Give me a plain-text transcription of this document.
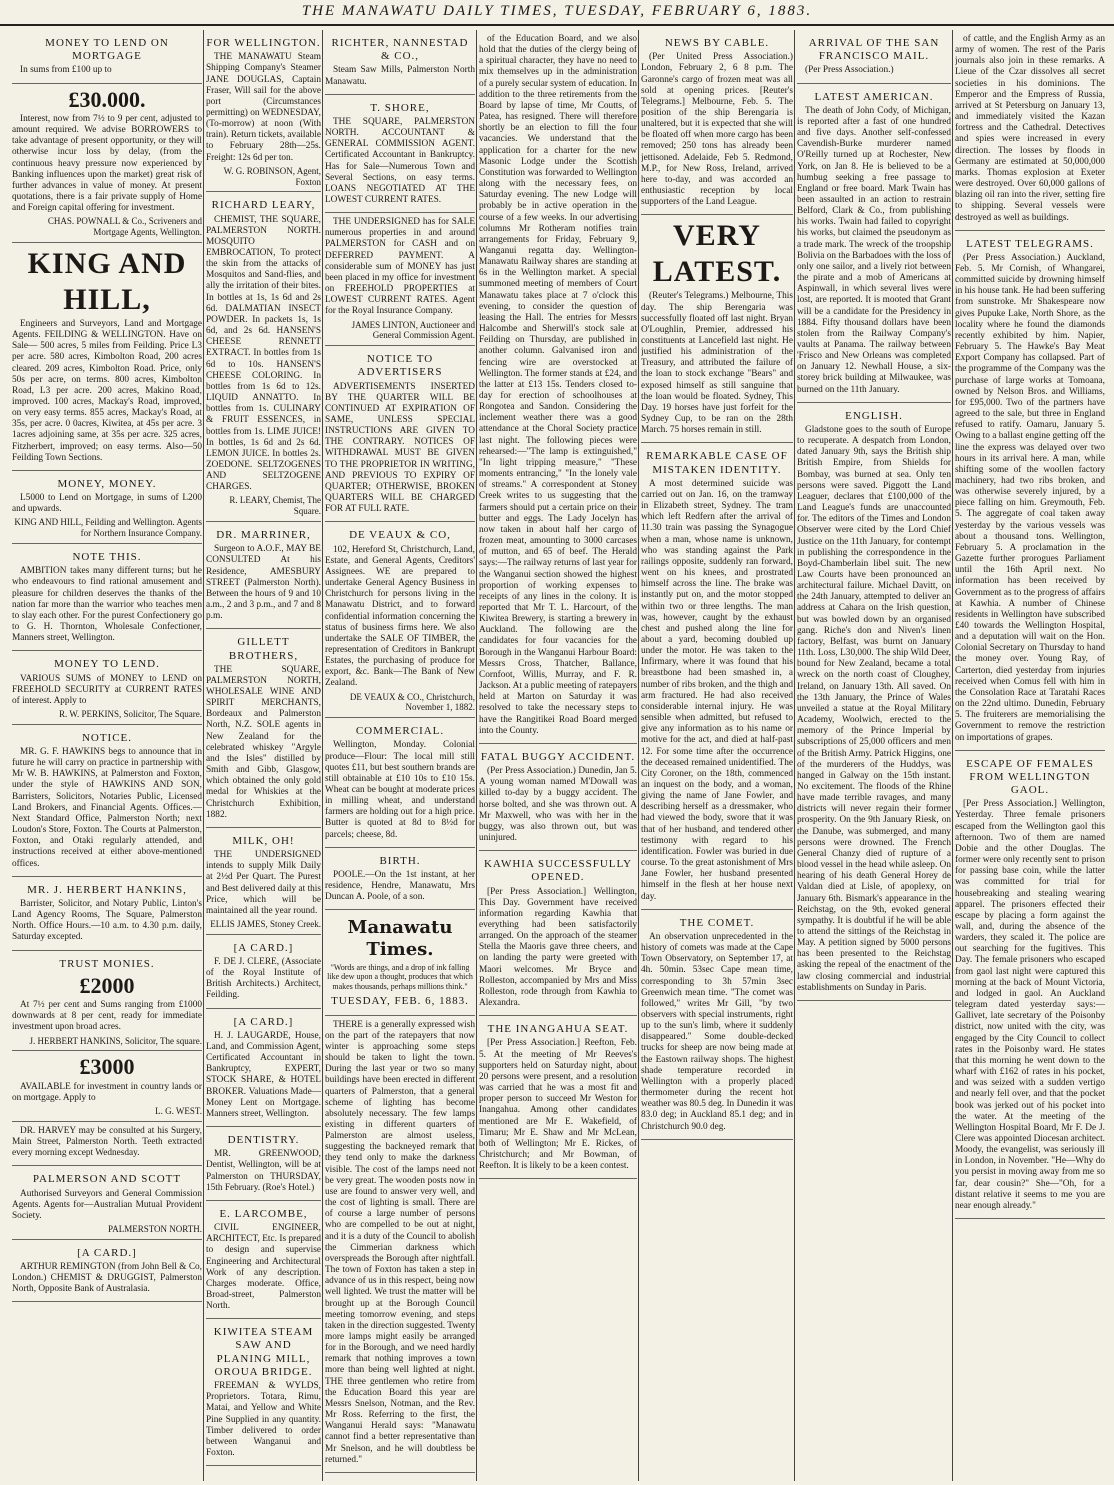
THE MANAWATU DAILY TIMES, TUESDAY, FEBRUARY 6, 1883.
MONEY TO LEND ON MORTGAGE

In sums from £100 up to

£30.000.

Interest, now from 7½ to 9 per cent, adjusted to amount required. We advise BORROWERS to take advantage of present opportunity, or they will otherwise incur loss by delay, (from the continuous heavy pressure now experienced by Banking influences upon the market) great risk of further advances in value of money. At present quotations, there is a fair private supply of Home and Foreign capital offering for investment.

CHAS. POWNALL & Co., Scriveners and Mortgage Agents, Wellington.
KING AND HILL,

Engineers and Surveyors, Land and Mortgage Agents. FEILDING & WELLINGTON. Have on Sale— 500 acres, 5 miles from Feilding. Price L3 per acre. 580 acres, Kimbolton Road, 200 acres cleared. 209 acres, Kimbolton Road. Price, only 50s per acre, on terms. 800 acres, Kimbolton Road, L3 per acre. 200 acres, Makino Road, improved. 100 acres, Mackay's Road, improved, on very easy terms. 855 acres, Mackay's Road, at 35s, per acre. 0 0acres, Kiwitea, at 45s per acre. 3 1acres adjoining same, at 35s per acre. 325 acres, Fitzherbert, improved; on easy terms. Also—50 Feilding Town Sections.

MONEY, MONEY.

L5000 to Lend on Mortgage, in sums of L200 and upwards.

KING AND HILL, Feilding and Wellington. Agents for Northern Insurance Company.
NOTE THIS.

AMBITION takes many different turns; but he who endeavours to find rational amusement and pleasure for children deserves the thanks of the nation far more than the warrior who teaches men to slay each other. For the purest Confectionery go to G. H. Thornton, Wholesale Confectioner, Manners street, Wellington.

MONEY TO LEND.

VARIOUS SUMS of MONEY to LEND on FREEHOLD SECURITY at CURRENT RATES of interest. Apply to

R. W. PERKINS, Solicitor, The Square.
NOTICE.

MR. G. F. HAWKINS begs to announce that in future he will carry on practice in partnership with Mr W. B. HAWKINS, at Palmerston and Foxton, under the style of HAWKINS AND SON, Barristers, Solicitors, Notaries Public, Licensed Land Brokers, and Financial Agents. Offices.—Next Standard Office, Palmerston North; next Loudon's Store, Foxton. The Courts at Palmerston, Foxton, and Otaki regularly attended, and instructions received at either above-mentioned offices.

MR. J. HERBERT HANKINS,

Barrister, Solicitor, and Notary Public, Linton's Land Agency Rooms, The Square, Palmerston North. Office Hours.—10 a.m. to 4.30 p.m. daily, Saturday excepted.

TRUST MONIES.
£2000

At 7½ per cent and Sums ranging from £1000 downwards at 8 per cent, ready for immediate investment upon broad acres.

J. HERBERT HANKINS, Solicitor, The square.
£3000

AVAILABLE for investment in country lands or on mortgage. Apply to

L. G. WEST.

DR. HARVEY may be consulted at his Surgery, Main Street, Palmerston North. Teeth extracted every morning except Wednesday.

PALMERSON AND SCOTT

Authorised Surveyors and General Commission Agents. Agents for—Australian Mutual Provident Society.

PALMERSTON NORTH.
[A CARD.]

ARTHUR REMINGTON (from John Bell & Co, London.) CHEMIST & DRUGGIST, Palmerston North, Opposite Bank of Australasia.

FOR WELLINGTON.

THE MANAWATU Steam Shipping Company's Steamer JANE DOUGLAS, Captain Fraser, Will sail for the above port (Circumstances permitting) on WEDNESDAY, (To-morrow) at noon (With train). Return tickets, available to February 28th—25s. Freight: 12s 6d per ton.

W. G. ROBINSON, Agent, Foxton
RICHARD LEARY,

CHEMIST, THE SQUARE, PALMERSTON NORTH. MOSQUITO EMBROCATION, To protect the skin from the attacks of Mosquitos and Sand-flies, and ally the irritation of their bites. In bottles at 1s, 1s 6d and 2s 6d. DALMATIAN INSECT POWDER. In packets 1s, 1s 6d, and 2s 6d. HANSEN'S CHEESE RENNETT EXTRACT. In bottles from 1s 6d to 10s. HANSEN'S CHEESE COLORING. In bottles from 1s 6d to 12s. LIQUID ANNATTO. In bottles from 1s. CULINARY & FRUIT ESSENCES, in bottles from 1s. LIME JUICE! In bottles, 1s 6d and 2s 6d. LEMON JUICE. In bottles 2s. ZOEDONE. SELTZOGENES AND SELTZOGENE CHARGES.

R. LEARY, Chemist, The Square.
DR. MARRINER,

Surgeon to A.O.F., MAY BE CONSULTED At his Residence, AMESBURY STREET (Palmerston North). Between the hours of 9 and 10 a.m., 2 and 3 p.m., and 7 and 8 p.m.

GILLETT BROTHERS,

THE SQUARE, PALMERSTON NORTH, WHOLESALE WINE AND SPIRIT MERCHANTS, Bordeaux and Palmerston North, N.Z. SOLE agents in New Zealand for the celebrated whiskey "Argyle and the Isles" distilled by Smith and Gibb, Glasgow, which obtained the only gold medal for Whiskies at the Christchurch Exhibition, 1882.

MILK, OH!

THE UNDERSIGNED intends to supply Milk Daily at 2½d Per Quart. The Purest and Best delivered daily at this Price, which will be maintained all the year round.

ELLIS JAMES, Stoney Creek.
[A CARD.]

F. DE J. CLERE, (Associate of the Royal Institute of British Architects.) Architect, Feilding.

[A CARD.]

H. J. LAUGARDE, House, Land, and Commission Agent, Certificated Accountant in Bankruptcy, EXPERT, STOCK SHARE, & HOTEL BROKER. Valuations Made—Money Lent on Mortgage. Manners street, Wellington.

DENTISTRY.

MR. GREENWOOD, Dentist, Wellington, will be at Palmerston on THURSDAY, 15th February. (Roe's Hotel.)

E. LARCOMBE,

CIVIL ENGINEER, ARCHITECT, Etc. Is prepared to design and supervise Engineering and Architectural Work of any description. Charges moderate. Office, Broad-street, Palmerston North.

KIWITEA STEAM SAW AND PLANING MILL, OROUA BRIDGE.

FREEMAN & WYLDS, Proprietors. Totara, Rimu, Matai, and Yellow and White Pine Supplied in any quantity. Timber delivered to order between Wanganui and Foxton.

RICHTER, NANNESTAD & CO.,

Steam Saw Mills, Palmerston North Manawatu.

T. SHORE,

THE SQUARE, PALMERSTON NORTH. ACCOUNTANT & GENERAL COMMISSION AGENT. Certificated Accountant in Bankruptcy. Has for Sale—Numerous Town and Several Sections, on easy terms. LOANS NEGOTIATED AT THE LOWEST CURRENT RATES.

THE UNDERSIGNED has for SALE numerous properties in and around PALMERSTON for CASH and on DEFERRED PAYMENT. A considerable sum of MONEY has just been placed in my office for investment on FREEHOLD PROPERTIES at LOWEST CURRENT RATES. Agent for the Royal Insurance Company.

JAMES LINTON, Auctioneer and General Commission Agent.
NOTICE TO ADVERTISERS

ADVERTISEMENTS INSERTED BY THE QUARTER WILL BE CONTINUED AT EXPIRATION OF SAME, UNLESS SPECIAL INSTRUCTIONS ARE GIVEN TO THE CONTRARY. NOTICES OF WITHDRAWAL MUST BE GIVEN TO THE PROPRIETOR IN WRITING, AND PREVIOUS TO EXPIRY OF QUARTER; OTHERWISE, BROKEN QUARTERS WILL BE CHARGED FOR AT FULL RATE.

DE VEAUX & CO,

102, Hereford St, Christchurch, Land, Estate, and General Agents, Creditors' Assignees. WE are prepared to undertake General Agency Business in Christchurch for persons living in the Manawatu District, and to forward confidential information concerning the status of business firms here. We also undertake the SALE OF TIMBER, the representation of Creditors in Bankrupt Estates, the purchasing of produce for export, &c. Bank—The Bank of New Zealand.

DE VEAUX & CO., Christchurch, November 1, 1882.
COMMERCIAL.

Wellington, Monday. Colonial produce—Flour: The local mill still quotes £11, but best southern brands are still obtainable at £10 10s to £10 15s. Wheat can be bought at moderate prices in milling wheat, and understand farmers are holding out for a high price. Butter is quoted at 8d to 8½d for parcels; cheese, 8d.

BIRTH.

POOLE.—On the 1st instant, at her residence, Hendre, Manawatu, Mrs Duncan A. Poole, of a son.

Manawatu Times.
"Words are things, and a drop of ink falling like dew upon a thought, produces that which makes thousands, perhaps millions think."
TUESDAY, FEB. 6, 1883.

THERE is a generally expressed wish on the part of the ratepayers that now winter is approaching some steps should be taken to light the town. During the last year or two so many buildings have been erected in different quarters of Palmerston, that a general scheme of lighting has become absolutely necessary. The few lamps existing in different quarters of Palmerston are almost useless, suggesting the backneyed remark that they tend only to make the darkness visible. The cost of the lamps need not be very great. The wooden posts now in use are found to answer very well, and the cost of lighting is small. There are of course a large number of persons who are compelled to be out at night, and it is a duty of the Council to abolish the Cimmerian darkness which overspreads the Borough after nightfall. The town of Foxton has taken a step in advance of us in this respect, being now well lighted. We trust the matter will be brought up at the Borough Council meeting tomorrow evening, and steps taken in the direction suggested. Twenty more lamps might easily be arranged for in the Borough, and we need hardly remark that nothing improves a town more than being well lighted at night. THE three gentlemen who retire from the Education Board this year are Messrs Snelson, Notman, and the Rev. Mr Ross. Referring to the first, the Wanganui Herald says: "Manawatu cannot find a better representative than Mr Snelson, and he will doubtless be returned."

of the Education Board, and we also hold that the duties of the clergy being of a spiritual character, they have no need to mix themselves up in the administration of a purely secular system of education. In addition to the three retirements from the Board by lapse of time, Mr Coutts, of Patea, has resigned. There will therefore shortly be an election to fill the four vacancies. We understand that the application for a charter for the new Masonic Lodge under the Scottish Constitution was forwarded to Wellington along with the necessary fees, on Saturday evening. The new Lodge will probably be in active operation in the course of a few weeks. In our advertising columns Mr Rotheram notifies train arrangements for Friday, February 9, Wanganui regatta day. Wellington-Manawatu Railway shares are standing at 6s in the Wellington market. A special summoned meeting of members of Court Manawatu takes place at 7 o'clock this evening, to consider the question of leasing the Hall. The entries for Messrs Halcombe and Sherwill's stock sale at Feilding on Thursday, are published in another column. Galvanised iron and fencing wire are overstocked at Wellington. The former stands at £24, and the latter at £13 15s. Tenders closed to-day for erection of schoolhouses at Rongotea and Sandon. Considering the inclement weather there was a good attendance at the Choral Society practice last night. The following pieces were rehearsed:—"The lamp is extinguished," "In light tripping measure," "These moments entrancing," "In the lonely vale of streams." A correspondent at Stoney Creek writes to us suggesting that the farmers should put a certain price on their butter and eggs. The Lady Jocelyn has now taken in about half her cargo of frozen meat, amounting to 3000 carcases of mutton, and 65 of beef. The Herald says:—The railway returns of last year for the Wanganui section showed the highest proportion of working expenses to receipts of any lines in the colony. It is reported that Mr T. L. Harcourt, of the Kiwitea Brewery, is starting a brewery in Auckland. The following are the candidates for four vacancies for the Borough in the Wanganui Harbour Board: Messrs Cross, Thatcher, Ballance, Cornfoot, Willis, Murray, and F. R. Jackson. At a public meeting of ratepayers held at Marton on Saturday it was resolved to take the necessary steps to have the Rangitikei Road Board merged into the County.

FATAL BUGGY ACCIDENT.

(Per Press Association.) Dunedin, Jan 5. A young woman named M'Dowall was killed to-day by a buggy accident. The horse bolted, and she was thrown out. A Mr Maxwell, who was with her in the buggy, was also thrown out, but was uninjured.

KAWHIA SUCCESSFULLY OPENED.

[Per Press Association.] Wellington, This Day. Government have received information regarding Kawhia that everything had been satisfactorily arranged. On the approach of the steamer Stella the Maoris gave three cheers, and on landing the party were greeted with Maori welcomes. Mr Bryce and Rolleston, accompanied by Mrs and Miss Rolleston, rode through from Kawhia to Alexandra.

THE INANGAHUA SEAT.

[Per Press Association.] Reefton, Feb. 5. At the meeting of Mr Reeves's supporters held on Saturday night, about 20 persons were present, and a resolution was carried that he was a most fit and proper person to succeed Mr Weston for Inangahua. Among other candidates mentioned are Mr E. Wakefield, of Timaru; Mr E. Shaw and Mr McLean, both of Wellington; Mr E. Rickes, of Christchurch; and Mr Bowman, of Reefton. It is likely to be a keen contest.

NEWS BY CABLE.

(Per United Press Association.) London, February 2, 6 8 p.m. The Garonne's cargo of frozen meat was all sold at opening prices. [Reuter's Telegrams.] Melbourne, Feb. 5. The position of the ship Berengaria is unaltered, but it is expected that she will be floated off when more cargo has been removed; 250 tons has already been jettisoned. Adelaide, Feb 5. Redmond, M.P., for New Ross, Ireland, arrived here to-day, and was accorded an enthusiastic reception by local supporters of the Land League.

VERY LATEST.

(Reuter's Telegrams.) Melbourne, This day. The ship Berengaria was successfully floated off last night. Bryan O'Loughlin, Premier, addressed his constituents at Lancefield last night. He justified his administration of the Treasury, and attributed the failure of the loan to stock exchange "Bears" and exposed himself as still sanguine that the loan would be floated. Sydney, This Day. 19 horses have just forfeit for the Sydney Cup, to be ran on the 28th March. 75 horses remain in still.

REMARKABLE CASE OF MISTAKEN IDENTITY.

A most determined suicide was carried out on Jan. 16, on the tramway in Elizabeth street, Sydney. The tram which left Redfern after the arrival of 11.30 train was passing the Synagogue when a man, whose name is unknown, who was standing against the Park railings opposite, suddenly ran forward, went on his knees, and prostrated himself across the line. The brake was instantly put on, and the motor stopped within two or three lengths. The man was, however, caught by the exhaust chest and pushed along the line for about a yard, becoming doubled up under the motor. He was taken to the Infirmary, where it was found that his breastbone had been smashed in, a number of ribs broken, and the thigh and arm fractured. He had also received considerable internal injury. He was sensible when admitted, but refused to give any information as to his name or motive for the act, and died at half-past 12. For some time after the occurrence the deceased remained unidentified. The City Coroner, on the 18th, commenced an inquest on the body, and a woman, giving the name of Jane Fowler, and describing herself as a dressmaker, who had viewed the body, swore that it was that of her husband, and tendered other testimony with regard to his identification. Fowler was buried in due course. To the great astonishment of Mrs Jane Fowler, her husband presented himself in the flesh at her house next day.

THE COMET.

An observation unprecedented in the history of comets was made at the Cape Town Observatory, on September 17, at 4h. 50min. 53sec Cape mean time, corresponding to 3h 57min 3sec Greenwich mean time. "The comet was followed," writes Mr Gill, "by two observers with special instruments, right up to the sun's limb, where it suddenly disappeared." Some double-decked trucks for sheep are now being made at the Eastown railway shops. The highest shade temperature recorded in Wellington with a properly placed thermometer during the recent hot weather was 80.5 deg. In Dunedin it was 83.0 deg; in Auckland 85.1 deg; and in Christchurch 90.0 deg.

ARRIVAL OF THE SAN FRANCISCO MAIL.

(Per Press Association.)

LATEST AMERICAN.

The death of John Cody, of Michigan, is reported after a fast of one hundred and five days. Another self-confessed Cavendish-Burke murderer named O'Reilly turned up at Rochester, New York, on Jan 8. He is believed to be a humbug seeking a free passage to England or free board. Mark Twain has been assaulted in an action to restrain Belford, Clark & Co., from publishing his works. Twain had failed to copyright his works, but claimed the pseudonym as a trade mark. The wreck of the troopship Bolivia on the Barbadoes with the loss of only one sailor, and a lively riot between the pirate and a mob of Americans at Aspinwall, in which several lives were lost, are reported. It is mooted that Grant will be a candidate for the Presidency in 1884. Fifty thousand dollars have been stolen from the Railway Company's vaults at Panama. The railway between 'Frisco and New Orleans was completed on January 12. Newhall House, a six-storey brick building at Milwaukee, was burned on the 11th January.

ENGLISH.

Gladstone goes to the south of Europe to recuperate. A despatch from London, dated January 9th, says the British ship British Empire, from Shields for Bombay, was burned at sea. Only ten persons were saved. Piggott the Land Leaguer, declares that £100,000 of the Land League's funds are unaccounted for. The editors of the Times and London Observer were cited by the Lord Chief Justice on the 11th January, for contempt in publishing the correspondence in the Boyd-Chamberlain libel suit. The new Law Courts have been pronounced an architectural failure. Michael Davitt, on the 24th January, attempted to deliver an address at Cahara on the Irish question, but was bowled down by an organised gang. Riche's don and Niven's linen factory, Belfast, was burnt on January 11th. Loss, L30,000. The ship Wild Deer, bound for New Zealand, became a total wreck on the north coast of Cloughey, Ireland, on January 13th. All saved. On the 13th January, the Prince of Wales unveiled a statue at the Royal Military Academy, Woolwich, erected to the memory of the Prince Imperial by subscriptions of 25,000 officers and men of the British Army. Patrick Higgins, one of the murderers of the Huddys, was hanged in Galway on the 15th instant. No excitement. The floods of the Rhine have made terrible ravages, and many districts will never regain their former prosperity. On the 9th January Riesk, on the Danube, was submerged, and many persons were drowned. The French General Chanzy died of rupture of a blood vessel in the head while asleep. On hearing of his death General Horey de Valdan died at Lisle, of apoplexy, on January 6th. Bismark's appearance in the Reichstag, on the 9th, evoked general sympathy. It is doubtful if he will be able to attend the sittings of the Reichstag in May. A petition signed by 5000 persons has been presented to the Reichstag asking the repeal of the enactment of the law closing commercial and industrial establishments on Sunday in Paris.

of cattle, and the English Army as an army of women. The rest of the Paris journals also join in these remarks. A Lieue of the Czar dissolves all secret societies in his dominions. The Emperor and the Empress of Russia, arrived at St Petersburg on January 13, and immediately visited the Kazan fortress and the Cathedral. Detectives and spies were increased in every direction. The losses by floods in Germany are estimated at 50,000,000 marks. Thomas explosion at Exeter were destroyed. Over 60,000 gallons of blazing oil ran into the river, setting fire to shipping. Several vessels were destroyed as well as buildings.

LATEST TELEGRAMS.

(Per Press Association.) Auckland, Feb. 5. Mr Cornish, of Whangarei, committed suicide by drowning himself in his house tank. He had been suffering from sunstroke. Mr Shakespeare now gives Pupuke Lake, North Shore, as the locality where he found the diamonds recently exhibited by him. Napier, February 5. The Hawke's Bay Meat Export Company has collapsed. Part of the programme of the Company was the purchase of large works at Tomoana, owned by Nelson Bros. and Williams, for £95,000. Two of the partners have agreed to the sale, but three in England refused to ratify. Oamaru, January 5. Owing to a ballast engine getting off the line the express was delayed over two hours in its arrival here. A man, while shifting some of the woollen factory machinery, had two ribs broken, and was otherwise severely injured, by a piece falling on him. Greymouth, Feb. 5. The aggregate of coal taken away yesterday by the various vessels was about a thousand tons. Wellington, February 5. A proclamation in the Gazette further prorogues Parliament until the 16th April next. No information has been received by Government as to the progress of affairs at Kawhia. A number of Chinese residents in Wellington have subscribed £40 towards the Wellington Hospital, and a deputation will wait on the Hon. Colonial Secretary on Thursday to hand the money over. Young Ray, of Carterton, died yesterday from injuries received when Comus fell with him in the Consolation Race at Taratahi Races on the 22nd ultimo. Dunedin, February 5. The fruiterers are memorialising the Government to remove the restriction on importations of grapes.

ESCAPE OF FEMALES FROM WELLINGTON GAOL.

[Per Press Association.] Wellington, Yesterday. Three female prisoners escaped from the Wellington gaol this afternoon. Two of them are named Dobie and the other Douglas. The former were only recently sent to prison for passing base coin, while the latter was committed for trial for housebreaking and stealing wearing apparel. The prisoners effected their escape by placing a form against the wall, and, during the absence of the warders, they scaled it. The police are out searching for the fugitives. This Day. The female prisoners who escaped from gaol last night were captured this morning at the back of Mount Victoria, and lodged in gaol. An Auckland telegram dated yesterday says:—Gallivet, late secretary of the Poisonby district, now united with the city, was engaged by the City Council to collect rates in the Poisonby ward. He states that this morning he went down to the wharf with £162 of rates in his pocket, and was seized with a sudden vertigo and nearly fell over, and that the pocket book was jerked out of his pocket into the water. At the meeting of the Wellington Hospital Board, Mr F. De J. Clere was appointed Diocesan architect. Moody, the evangelist, was seriously ill in London, in November. "He—Why do you persist in moving away from me so far, dear cousin?" She—"Oh, for a distant relative it seems to me you are near enough already."
